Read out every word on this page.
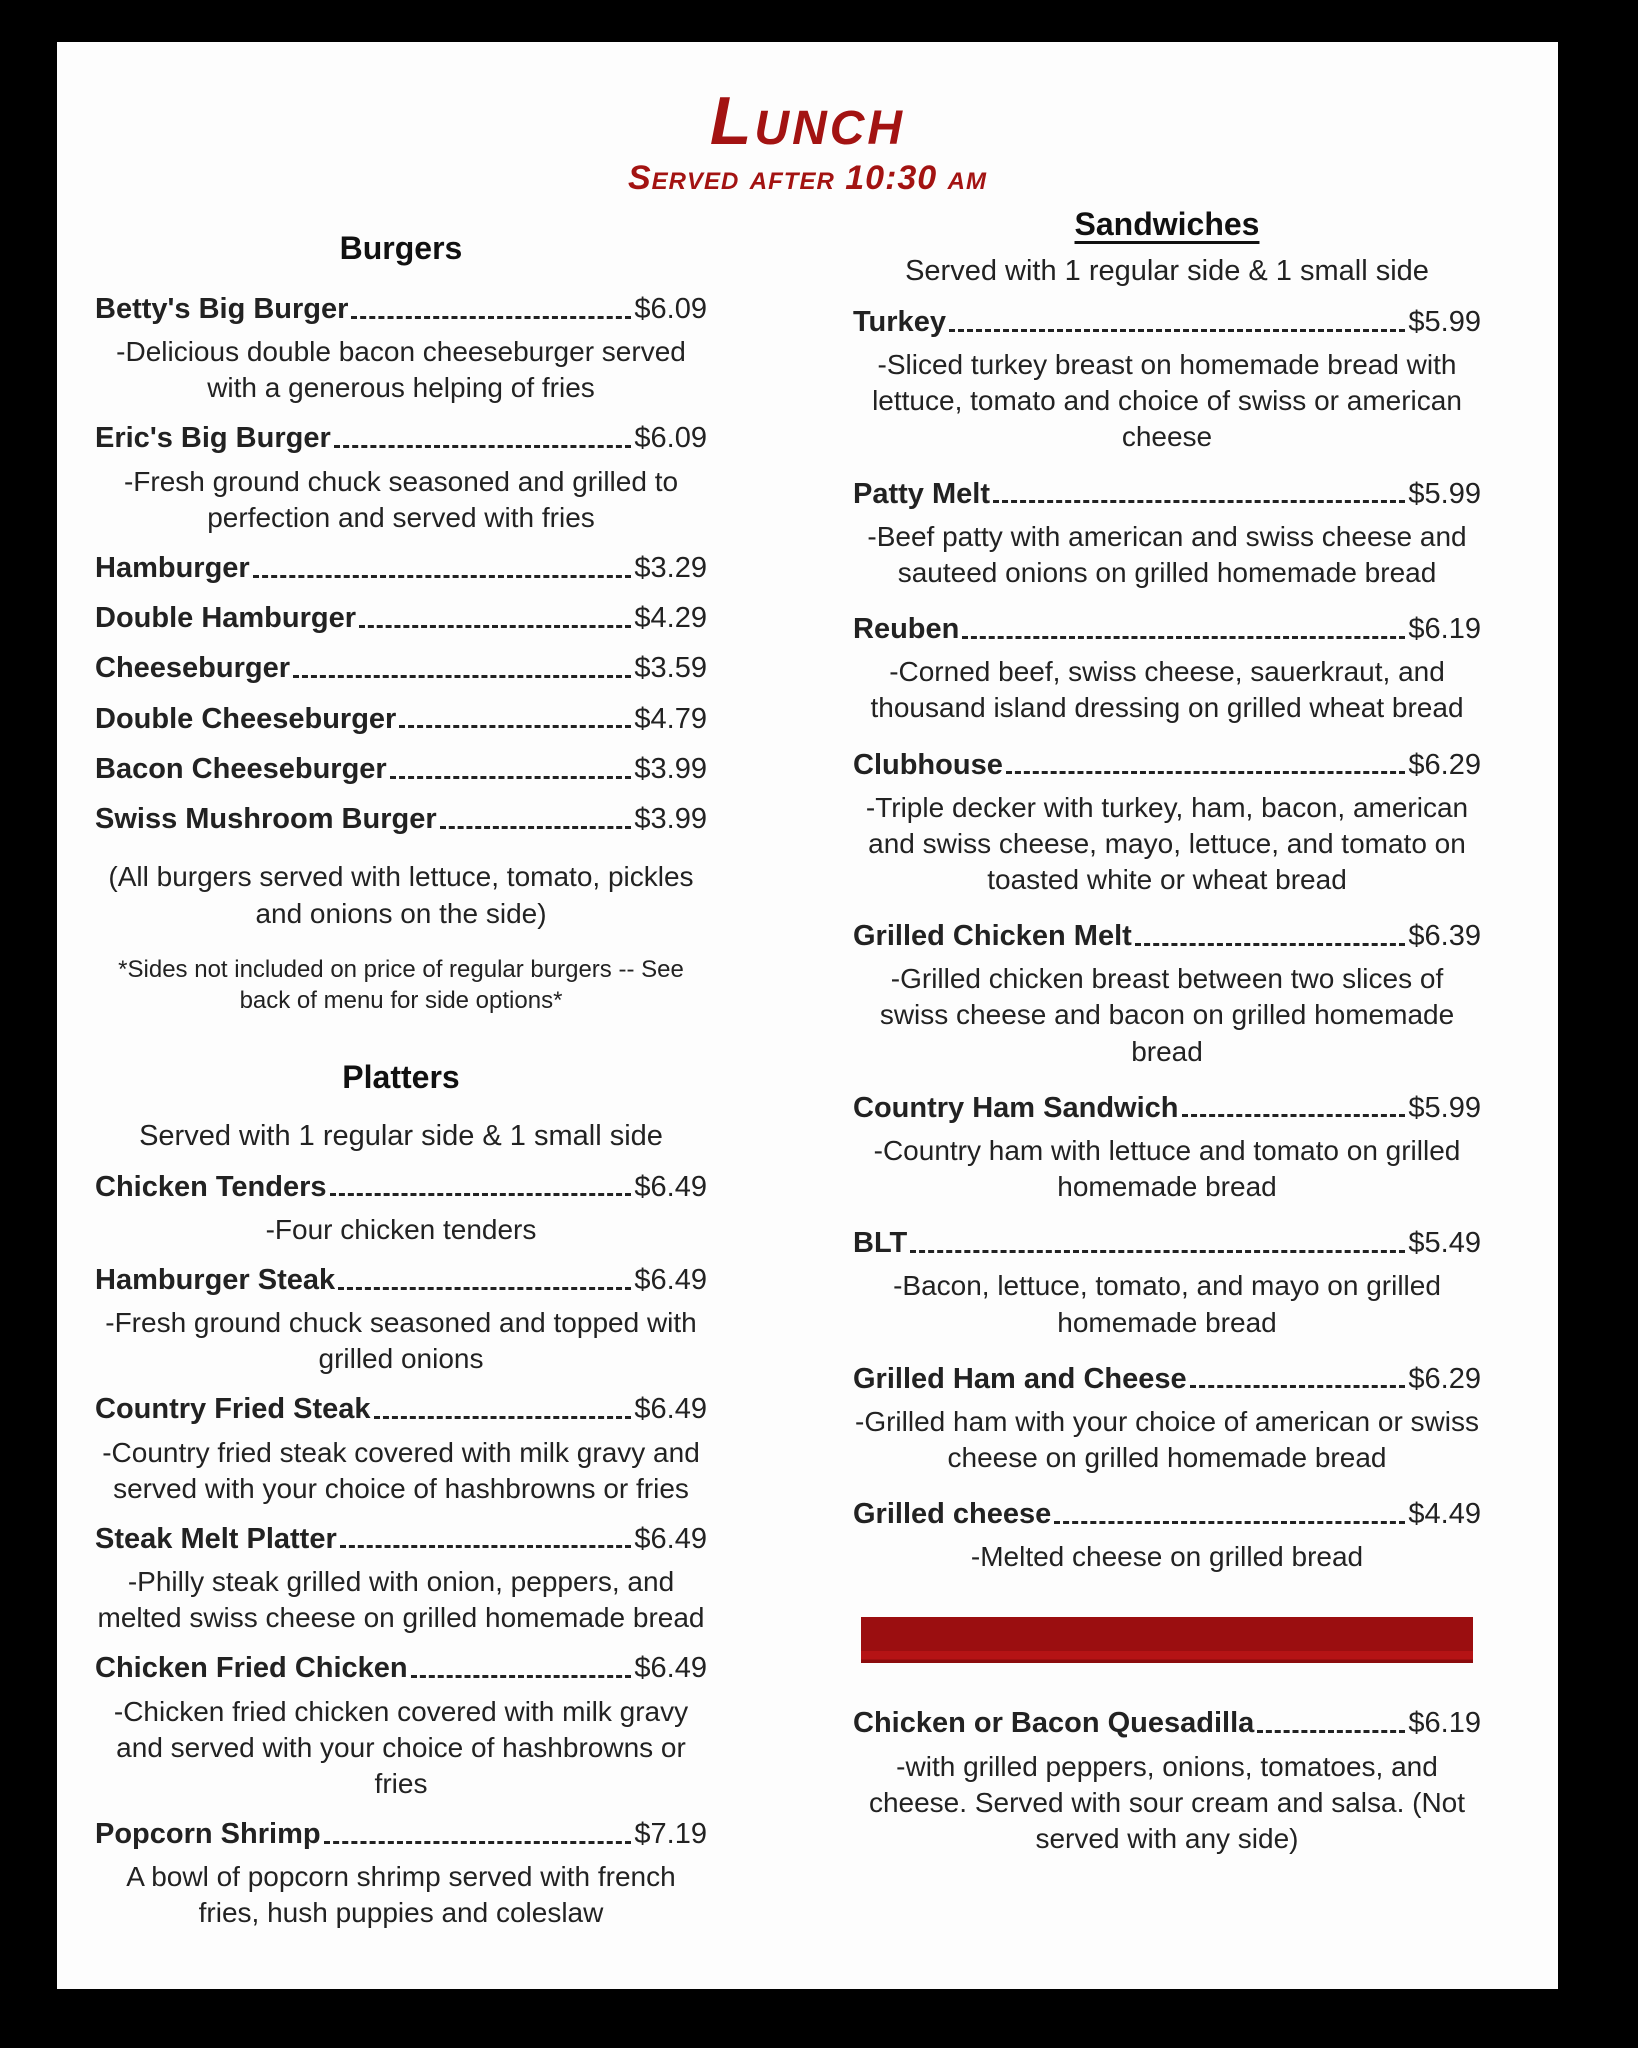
Lunch
Served after 10:30 am
Burgers
Betty's Big Burger	$6.09
-Delicious double bacon cheeseburger served with a generous helping of fries
Eric's Big Burger	$6.09
-Fresh ground chuck seasoned and grilled to perfection and served with fries
Hamburger	$3.29
Double Hamburger	$4.29
Cheeseburger	$3.59
Double Cheeseburger	$4.79
Bacon Cheeseburger	$3.99
Swiss Mushroom Burger	$3.99

(All burgers served with lettuce, tomato, pickles and onions on the side)

*Sides not included on price of regular burgers -- See back of menu for side options*

Platters

Served with 1 regular side & 1 small side

Chicken Tenders	$6.49
-Four chicken tenders
Hamburger Steak	$6.49
-Fresh ground chuck seasoned and topped with grilled onions
Country Fried Steak	$6.49
-Country fried steak covered with milk gravy and served with your choice of hashbrowns or fries
Steak Melt Platter	$6.49
-Philly steak grilled with onion, peppers, and melted swiss cheese on grilled homemade bread
Chicken Fried Chicken	$6.49
-Chicken fried chicken covered with milk gravy and served with your choice of hashbrowns or fries
Popcorn Shrimp	$7.19
A bowl of popcorn shrimp served with french fries, hush puppies and coleslaw
Sandwiches

Served with 1 regular side & 1 small side

Turkey	$5.99
-Sliced turkey breast on homemade bread with lettuce, tomato and choice of swiss or american cheese
Patty Melt	$5.99
-Beef patty with american and swiss cheese and sauteed onions on grilled homemade bread
Reuben	$6.19
-Corned beef, swiss cheese, sauerkraut, and thousand island dressing on grilled wheat bread
Clubhouse	$6.29
-Triple decker with turkey, ham, bacon, american and swiss cheese, mayo, lettuce, and tomato on toasted white or wheat bread
Grilled Chicken Melt	$6.39
-Grilled chicken breast between two slices of swiss cheese and bacon on grilled homemade bread
Country Ham Sandwich	$5.99
-Country ham with lettuce and tomato on grilled homemade bread
BLT	$5.49
-Bacon, lettuce, tomato, and mayo on grilled homemade bread
Grilled Ham and Cheese	$6.29
-Grilled ham with your choice of american or swiss cheese on grilled homemade bread
Grilled cheese	$4.49
-Melted cheese on grilled bread
Chicken or Bacon Quesadilla	$6.19
-with grilled peppers, onions, tomatoes, and cheese. Served with sour cream and salsa. (Not served with any side)
